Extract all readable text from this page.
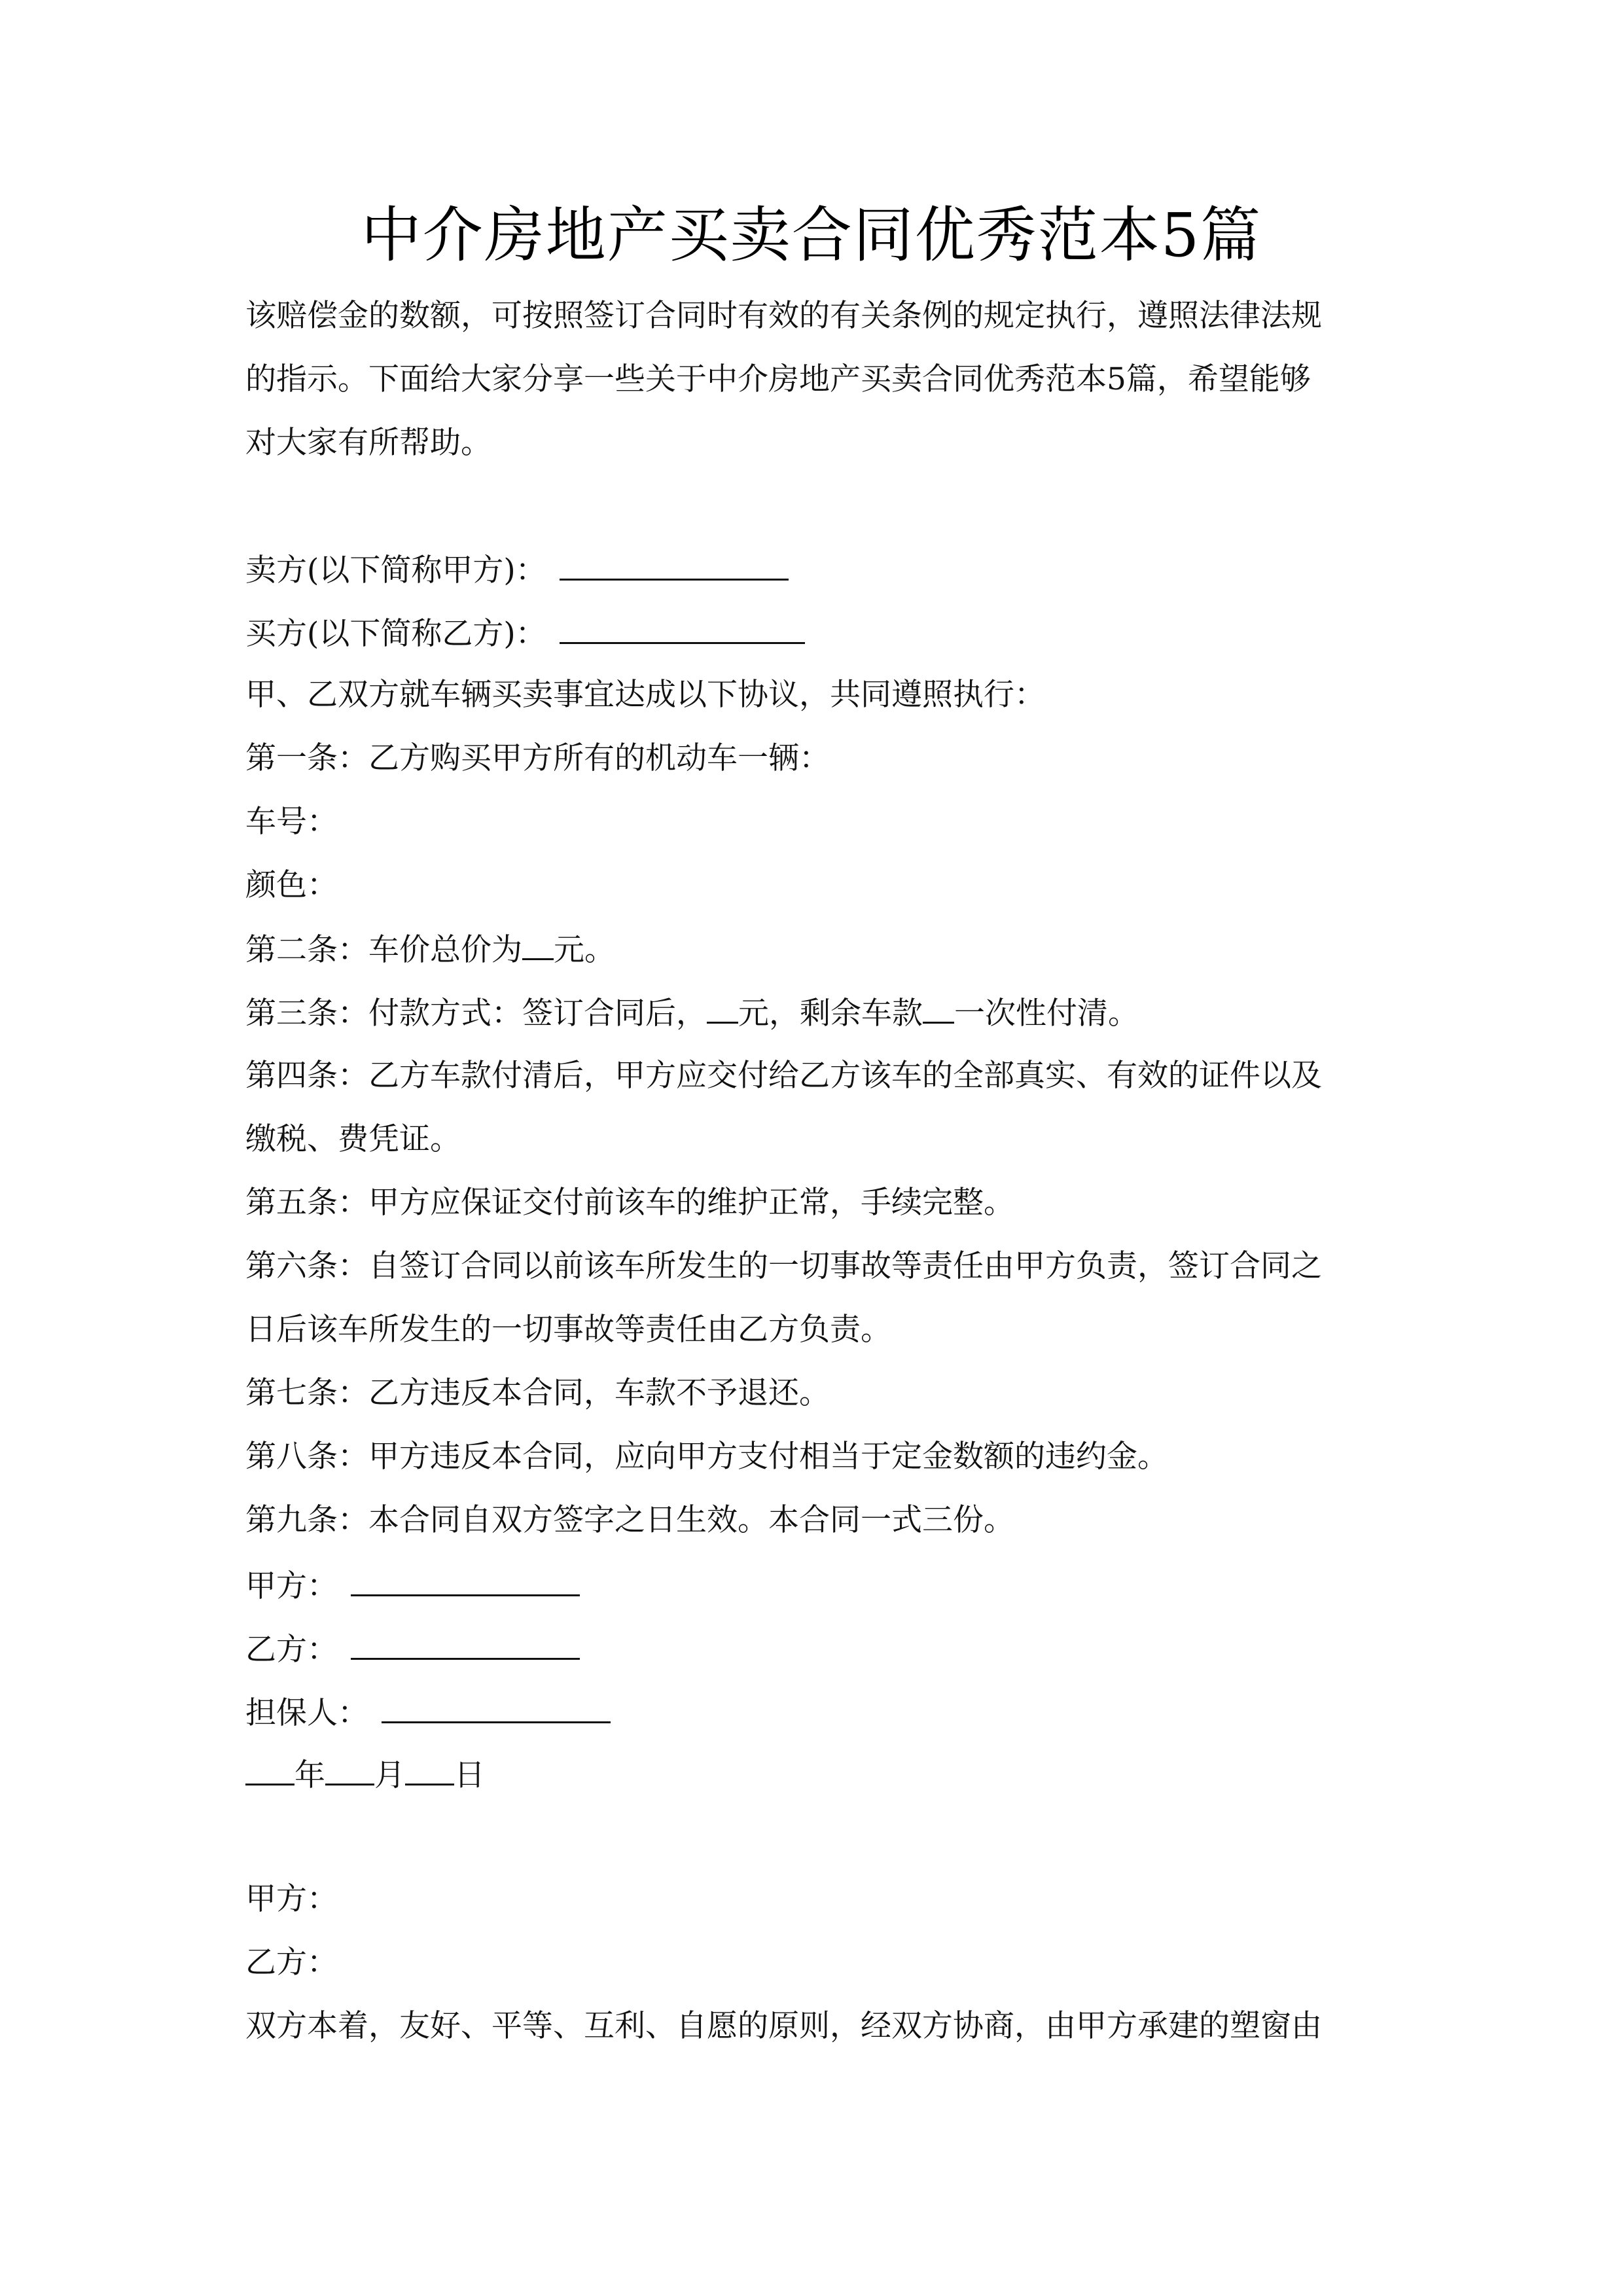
中介房地产买卖合同优秀范本5篇
该赔偿金的数额，可按照签订合同时有效的有关条例的规定执行，遵照法律法规
的指示。下面给大家分享一些关于中介房地产买卖合同优秀范本5篇，希望能够
对大家有所帮助。
卖方(以下简称甲方)：
买方(以下简称乙方)：
甲、乙双方就车辆买卖事宜达成以下协议，共同遵照执行：
第一条：乙方购买甲方所有的机动车一辆：
车号：
颜色：
第二条：车价总价为 元。
第三条：付款方式：签订合同后， 元，剩余车款 一次性付清。
第四条：乙方车款付清后，甲方应交付给乙方该车的全部真实、有效的证件以及
缴税、费凭证。
第五条：甲方应保证交付前该车的维护正常，手续完整。
第六条：自签订合同以前该车所发生的一切事故等责任由甲方负责，签订合同之
日后该车所发生的一切事故等责任由乙方负责。
第七条：乙方违反本合同，车款不予退还。
第八条：甲方违反本合同，应向甲方支付相当于定金数额的违约金。
第九条：本合同自双方签字之日生效。本合同一式三份。
甲方：
乙方：
担保人：
年 月 日
甲方：
乙方：
双方本着，友好、平等、互利、自愿的原则，经双方协商，由甲方承建的塑窗由
